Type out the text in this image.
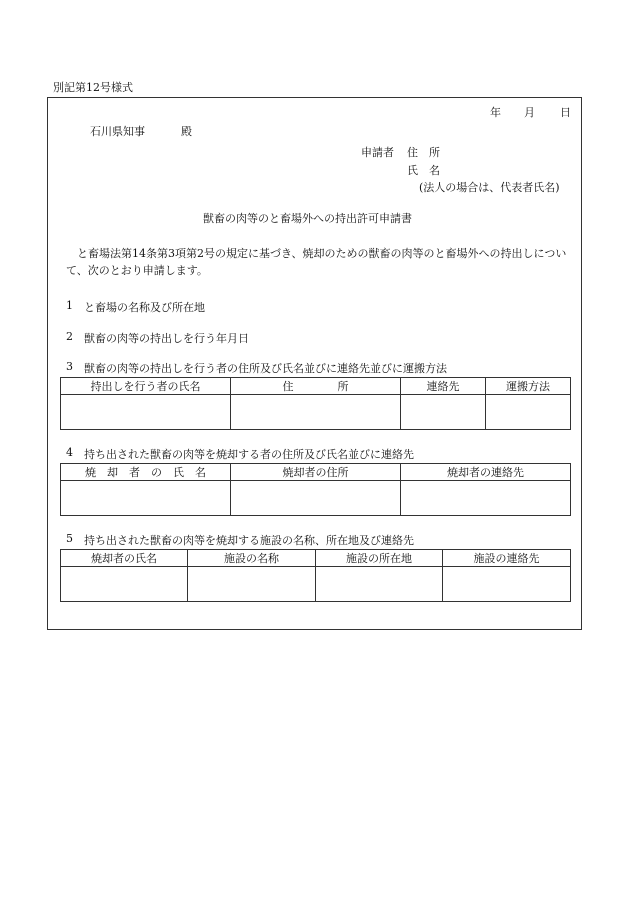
別記第12号様式
年 月 日
石川県知事	殿
申請者 住　所
氏　名
(法人の場合は、代表者氏名)
獣畜の肉等のと畜場外への持出許可申請書
と畜場法第14条第3項第2号の規定に基づき、焼却のための獣畜の肉等のと畜場外への持出しについて、次のとおり申請します。
1 と畜場の名称及び所在地
2 獣畜の肉等の持出しを行う年月日
3 獣畜の肉等の持出しを行う者の住所及び氏名並びに連絡先並びに運搬方法
持出しを行う者の氏名	住　　　　所	連絡先	運搬方法

4 持ち出された獣畜の肉等を焼却する者の住所及び氏名並びに連絡先
焼　却　者　の　氏　名	焼却者の住所	焼却者の連絡先

5 持ち出された獣畜の肉等を焼却する施設の名称、所在地及び連絡先
焼却者の氏名	施設の名称	施設の所在地	施設の連絡先
